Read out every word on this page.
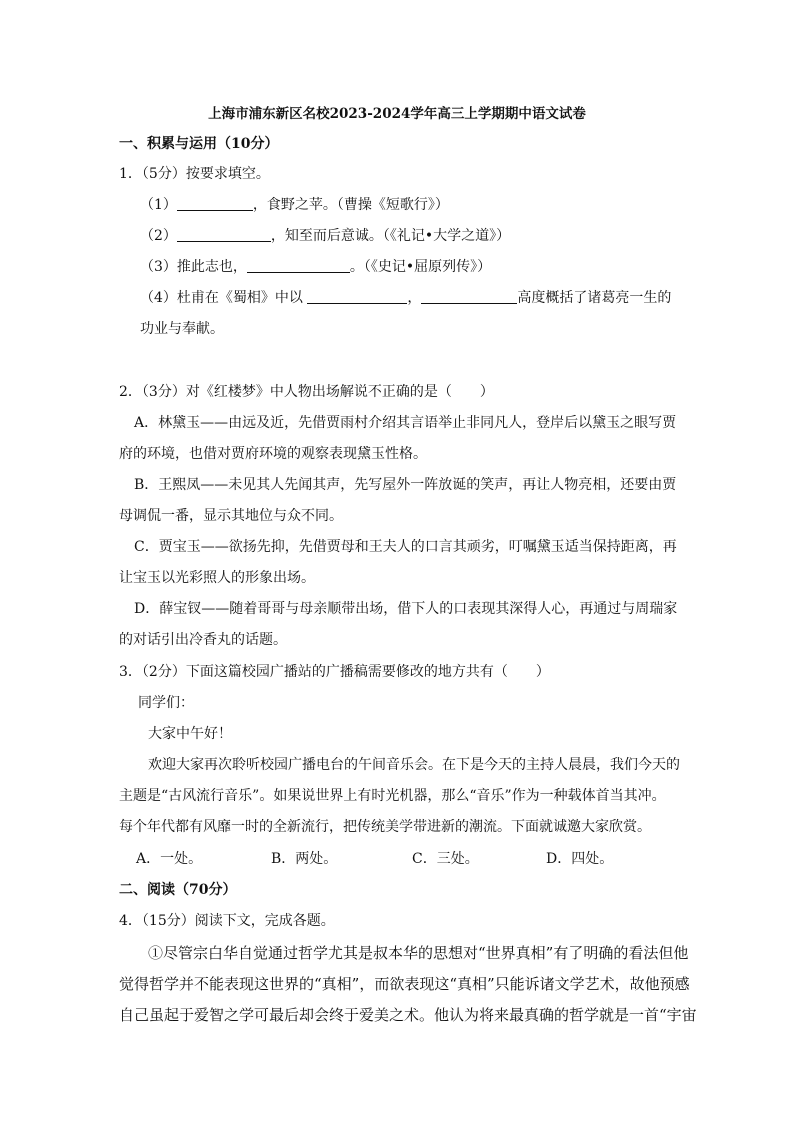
上海市浦东新区名校2023-2024学年高三上学期期中语文试卷
一、积累与运用（10分）
1．（5分）按要求填空。
（1）	，食野之苹。（曹操《短歌行》）
（2）	，知至而后意诚。（《礼记•大学之道》）
（3）推此志也，	。（《史记•屈原列传》）
（4）杜甫在《蜀相》中以	，	高度概括了诸葛亮一生的
功业与奉献。
2．（3分）对《红楼梦》中人物出场解说不正确的是（　　）
A．林黛玉——由远及近，先借贾雨村介绍其言语举止非同凡人，登岸后以黛玉之眼写贾
府的环境，也借对贾府环境的观察表现黛玉性格。
B．王熙凤——未见其人先闻其声，先写屋外一阵放诞的笑声，再让人物亮相，还要由贾
母调侃一番，显示其地位与众不同。
C．贾宝玉——欲扬先抑，先借贾母和王夫人的口言其顽劣，叮嘱黛玉适当保持距离，再
让宝玉以光彩照人的形象出场。
D．薛宝钗——随着哥哥与母亲顺带出场，借下人的口表现其深得人心，再通过与周瑞家
的对话引出冷香丸的话题。
3．（2分）下面这篇校园广播站的广播稿需要修改的地方共有（　　）
同学们：
大家中午好！
欢迎大家再次聆听校园广播电台的午间音乐会。在下是今天的主持人晨晨，我们今天的
主题是“古风流行音乐”。如果说世界上有时光机器，那么“音乐”作为一种载体首当其冲。
每个年代都有风靡一时的全新流行，把传统美学带进新的潮流。下面就诚邀大家欣赏。
A．一处。	B．两处。	C．三处。	D．四处。
二、阅读（70分）
4．（15分）阅读下文，完成各题。
①尽管宗白华自觉通过哲学尤其是叔本华的思想对“世界真相”有了明确的看法但他
觉得哲学并不能表现这世界的“真相”，而欲表现这“真相”只能诉诸文学艺术，故他预感
自己虽起于爱智之学可最后却会终于爱美之术。他认为将来最真确的哲学就是一首“宇宙
